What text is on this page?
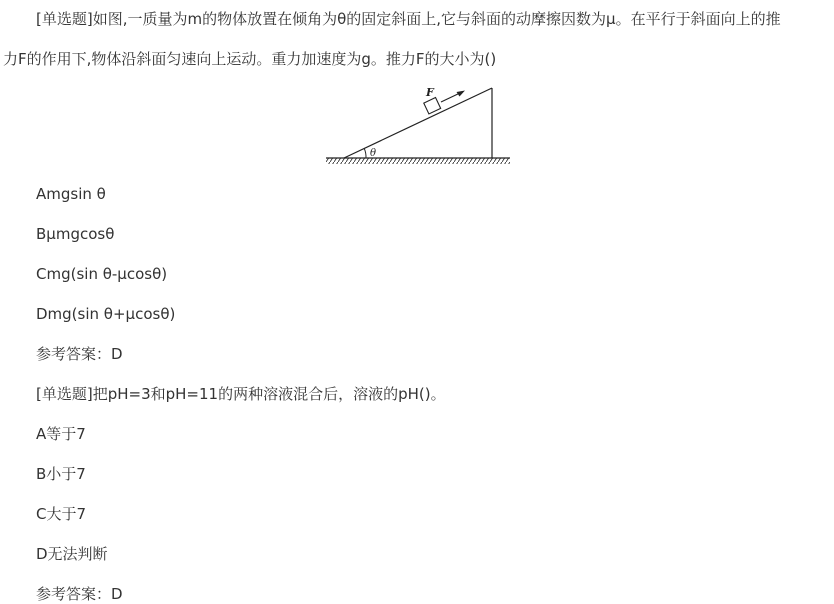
[单选题]如图,一质量为m的物体放置在倾角为θ的固定斜面上,它与斜面的动摩擦因数为μ。在平行于斜面向上的推
力F的作用下,物体沿斜面匀速向上运动。重力加速度为g。推力F的大小为()
θ
F
Amgsin θ
Bμmgcosθ
Cmg(sin θ-μcosθ)
Dmg(sin θ+μcosθ)
参考答案：D
[单选题]把pH=3和pH=11的两种溶液混合后，溶液的pH()。
A等于7
B小于7
C大于7
D无法判断
参考答案：D
